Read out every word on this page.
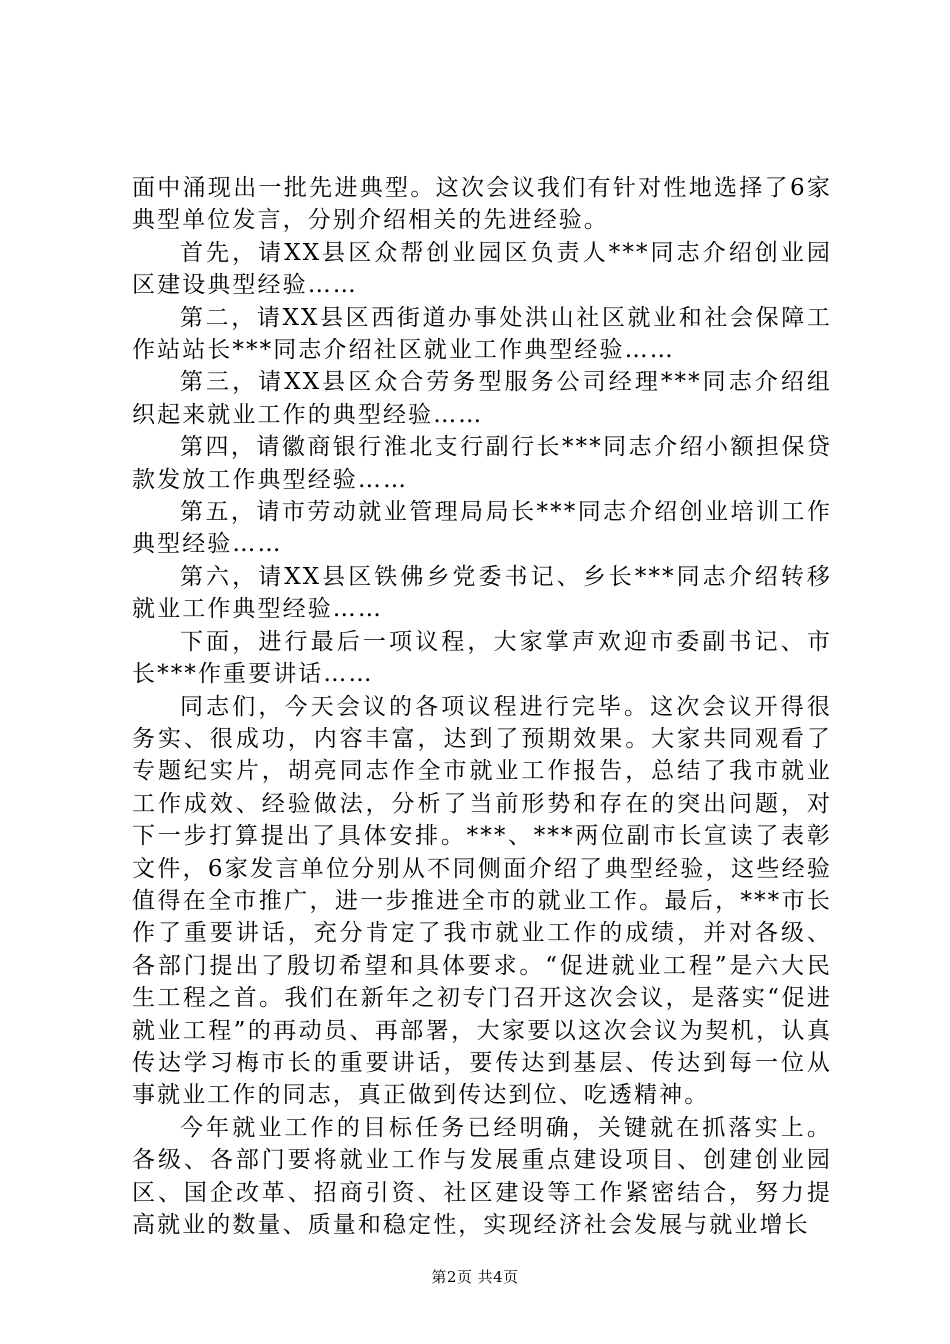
面中涌现出一批先进典型。这次会议我们有针对性地选择了6家典型单位发言，分别介绍相关的先进经验。

首先，请XX县区众帮创业园区负责人***同志介绍创业园区建设典型经验……

第二，请XX县区西街道办事处洪山社区就业和社会保障工作站站长***同志介绍社区就业工作典型经验……

第三，请XX县区众合劳务型服务公司经理***同志介绍组织起来就业工作的典型经验……

第四，请徽商银行淮北支行副行长***同志介绍小额担保贷款发放工作典型经验……

第五，请市劳动就业管理局局长***同志介绍创业培训工作典型经验……

第六，请XX县区铁佛乡党委书记、乡长***同志介绍转移就业工作典型经验……

下面，进行最后一项议程，大家掌声欢迎市委副书记、市长***作重要讲话……

同志们，今天会议的各项议程进行完毕。这次会议开得很务实、很成功，内容丰富，达到了预期效果。大家共同观看了专题纪实片，胡亮同志作全市就业工作报告，总结了我市就业工作成效、经验做法，分析了当前形势和存在的突出问题，对下一步打算提出了具体安排。***、***两位副市长宣读了表彰文件，6家发言单位分别从不同侧面介绍了典型经验，这些经验值得在全市推广，进一步推进全市的就业工作。最后，***市长作了重要讲话，充分肯定了我市就业工作的成绩，并对各级、各部门提出了殷切希望和具体要求。“促进就业工程”是六大民生工程之首。我们在新年之初专门召开这次会议，是落实“促进就业工程”的再动员、再部署，大家要以这次会议为契机，认真传达学习梅市长的重要讲话，要传达到基层、传达到每一位从事就业工作的同志，真正做到传达到位、吃透精神。

今年就业工作的目标任务已经明确，关键就在抓落实上。各级、各部门要将就业工作与发展重点建设项目、创建创业园区、国企改革、招商引资、社区建设等工作紧密结合，努力提高就业的数量、质量和稳定性，实现经济社会发展与就业增长

第2页 共4页
